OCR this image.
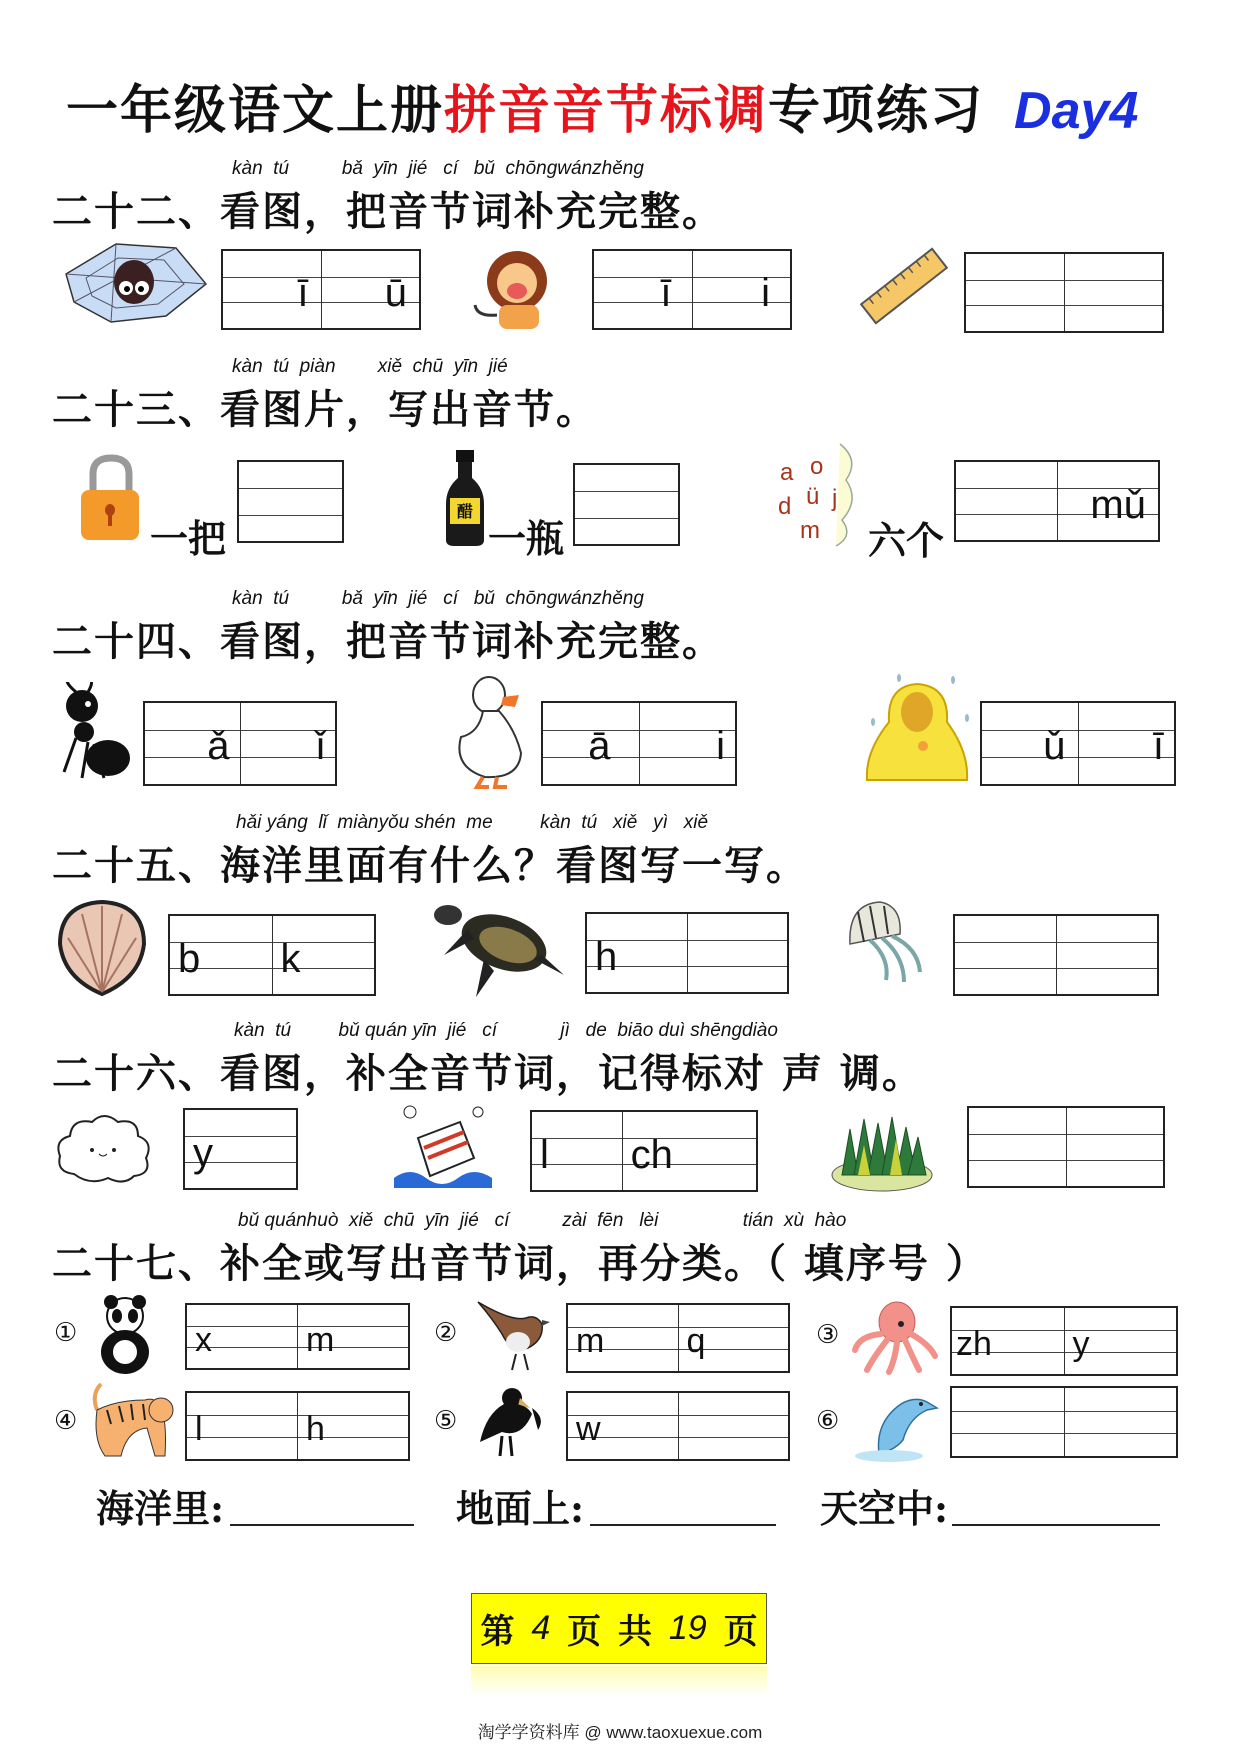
一年级语文上册拼音音节标调专项练习 Day4
kàn  tú          bǎ  yīn  jié   cí   bǔ  chōngwánzhěng
二十二、看图，把音节词补充完整。
ī ū	ī i
kàn  tú  piàn        xiě  chū  yīn  jié
二十三、看图片，写出音节。
一把
醋
一瓶
a o
ü j
d
m 六个
mǔ
kàn  tú          bǎ  yīn  jié   cí   bǔ  chōngwánzhěng
二十四、看图，把音节词补充完整。
ǎ ǐ	ā	i	ǔ ī
hǎi yáng  lǐ  miànyǒu shén  me         kàn  tú   xiě   yì   xiě
二十五、海洋里面有什么？看图写一写。
b k	h
kàn  tú         bǔ quán yīn  jié   cí            jì   de  biāo duì shēngdiào
二十六、看图，补全音节词，记得标对 声 调。
y	l ch
bǔ quánhuò  xiě  chū  yīn  jié   cí          zài  fēn   lèi                tián  xù  hào
二十七、补全或写出音节词，再分类。（ 填序号 ）
①	x	m	②	m q	③	zh y
④	l	h	⑤	w	⑥
海洋里:	地面上:	天空中:
第 4 页 共 19 页
淘学学资料库 @ www.taoxuexue.com
